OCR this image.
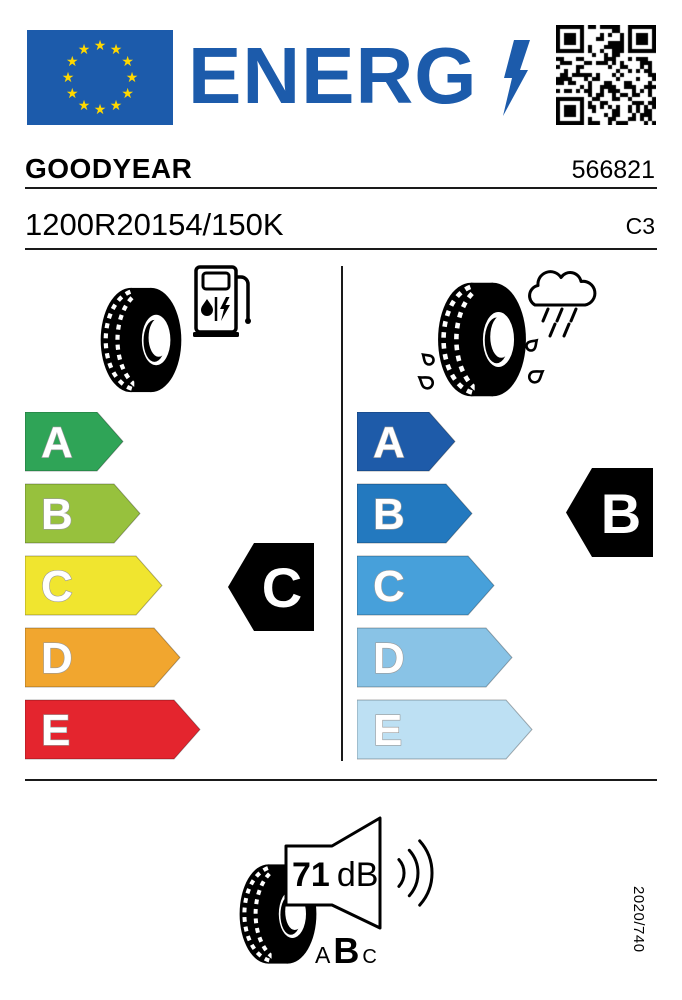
★ ★
★
★
★
★
★
★
★
★
★
★ ENERG
GOODYEAR	566821
1200R20154/150K	C3
A
B
C
D
E
C
A
B
C
D
E
B
71 dB
A B C
2020/740
